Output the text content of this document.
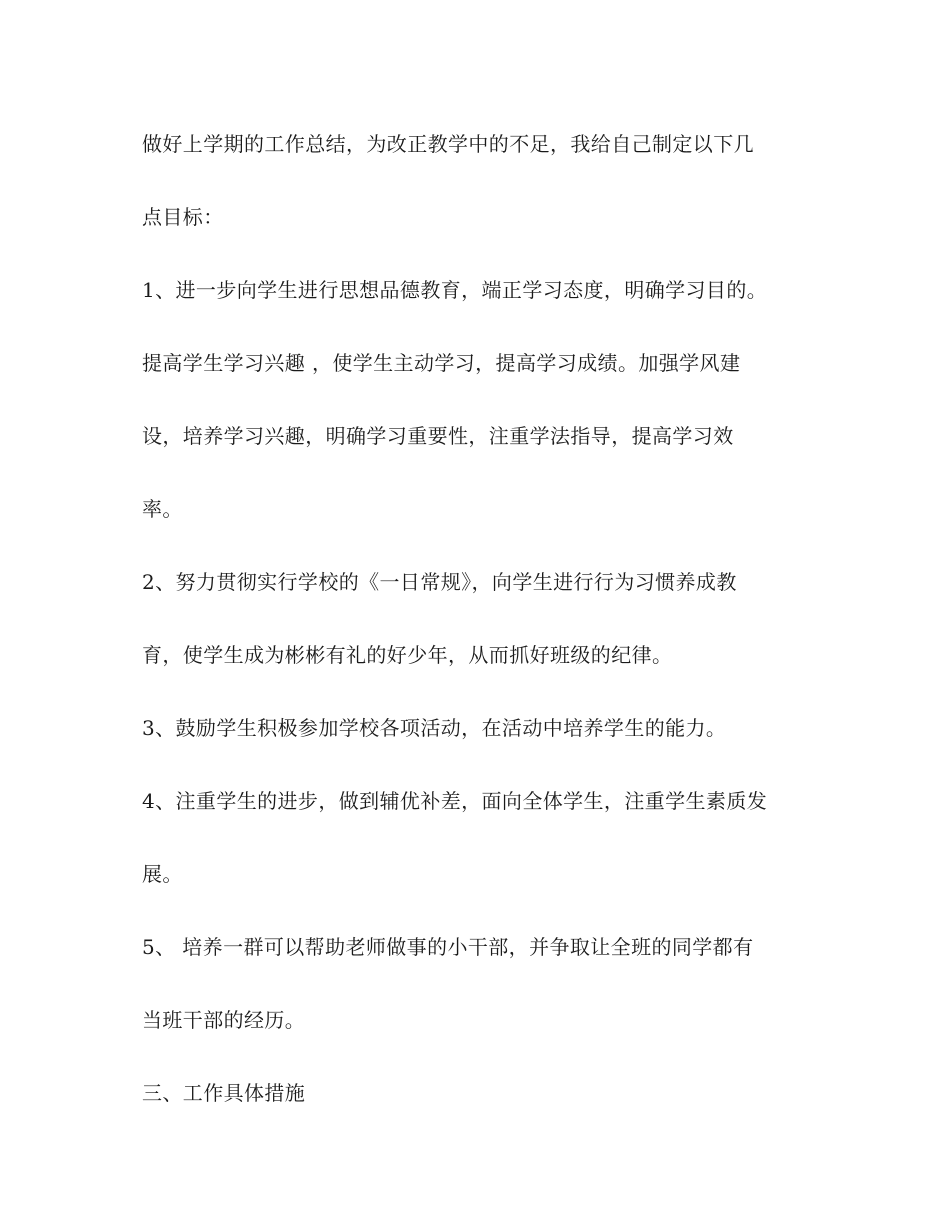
做好上学期的工作总结，为改正教学中的不足，我给自己制定以下几
点目标：
1、进一步向学生进行思想品德教育，端正学习态度，明确学习目的。
提高学生学习兴趣 ，使学生主动学习，提高学习成绩。加强学风建
设，培养学习兴趣，明确学习重要性，注重学法指导，提高学习效
率。
2、努力贯彻实行学校的《一日常规》，向学生进行行为习惯养成教
育，使学生成为彬彬有礼的好少年，从而抓好班级的纪律。
3、鼓励学生积极参加学校各项活动，在活动中培养学生的能力。
4、注重学生的进步，做到辅优补差，面向全体学生，注重学生素质发
展。
5、 培养一群可以帮助老师做事的小干部，并争取让全班的同学都有
当班干部的经历。
三、工作具体措施
